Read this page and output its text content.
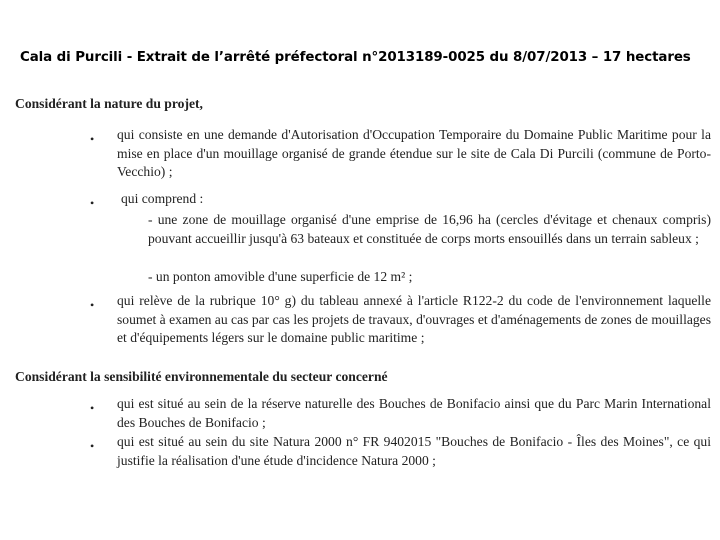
Cala di Purcili - Extrait de l’arrêté préfectoral n°2013189-0025 du 8/07/2013 – 17 hectares
Considérant la nature du projet,
• qui consiste en une demande d'Autorisation d'Occupation Temporaire du Domaine Public Maritime pour la mise en place d'un mouillage organisé de grande étendue sur le site de Cala Di Purcili (commune de Porto-Vecchio) ;
• qui comprend :
- une zone de mouillage organisé d'une emprise de 16,96 ha (cercles d'évitage et chenaux compris) pouvant accueillir jusqu'à 63 bateaux et constituée de corps morts ensouillés dans un terrain sableux ;
- un ponton amovible d'une superficie de 12 m² ;
• qui relève de la rubrique 10° g) du tableau annexé à l'article R122-2 du code de l'environnement laquelle soumet à examen au cas par cas les projets de travaux, d'ouvrages et d'aménagements de zones de mouillages et d'équipements légers sur le domaine public maritime ;
Considérant la sensibilité environnementale du secteur concerné
• qui est situé au sein de la réserve naturelle des Bouches de Bonifacio ainsi que du Parc Marin International des Bouches de Bonifacio ;
• qui est situé au sein du site Natura 2000 n° FR 9402015 "Bouches de Bonifacio - Îles des Moines", ce qui justifie la réalisation d'une étude d'incidence Natura 2000 ;
